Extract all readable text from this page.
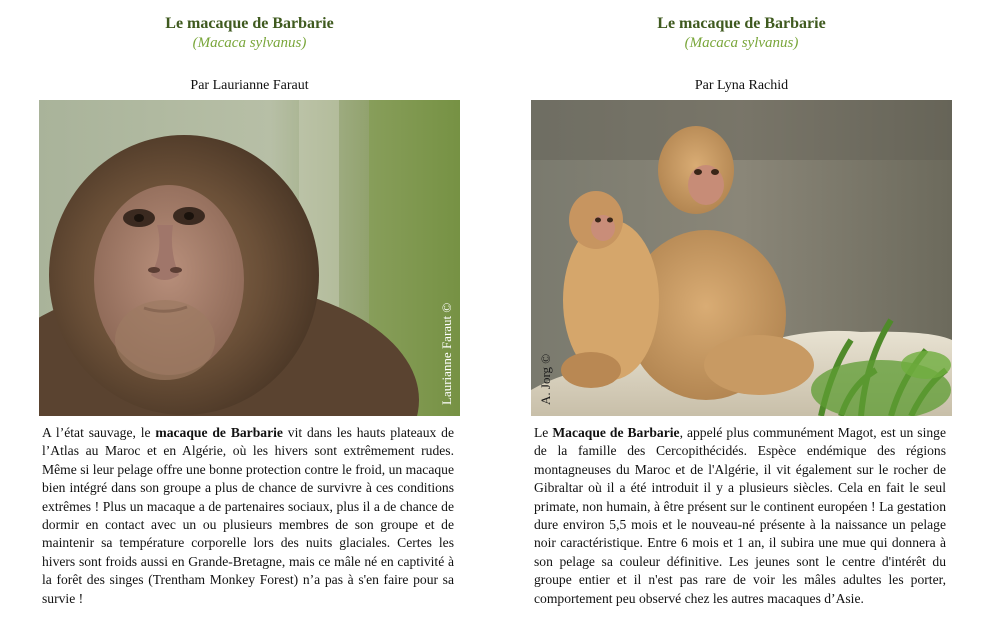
Le macaque de Barbarie
(Macaca sylvanus)
Par Laurianne Faraut
Laurianne Faraut ©

A l’état sauvage, le macaque de Barbarie vit dans les hauts plateaux de l’Atlas au Maroc et en Algérie, où les hivers sont extrêmement rudes. Même si leur pelage offre une bonne protection contre le froid, un macaque bien intégré dans son groupe a plus de chance de survivre à ces conditions extrêmes ! Plus un macaque a de partenaires sociaux, plus il a de chance de dormir en contact avec un ou plusieurs membres de son groupe et de maintenir sa température corporelle lors des nuits glaciales. Certes les hivers sont froids aussi en Grande-Bretagne, mais ce mâle né en captivité à la forêt des singes (Trentham Monkey Forest) n’a pas à s'en faire pour sa survie !

Le macaque de Barbarie
(Macaca sylvanus)
Par Lyna Rachid
A. Jorg ©

Le Macaque de Barbarie, appelé plus communément Magot, est un singe de la famille des Cercopithécidés. Espèce endémique des régions montagneuses du Maroc et de l'Algérie, il vit également sur le rocher de Gibraltar où il a été introduit il y a plusieurs siècles. Cela en fait le seul primate, non humain, à être présent sur le continent européen ! La gestation dure environ 5,5 mois et le nouveau-né présente à la naissance un pelage noir caractéristique. Entre 6 mois et 1 an, il subira une mue qui donnera à son pelage sa couleur définitive. Les jeunes sont le centre d'intérêt du groupe entier et il n'est pas rare de voir les mâles adultes les porter, comportement peu observé chez les autres macaques d’Asie.
